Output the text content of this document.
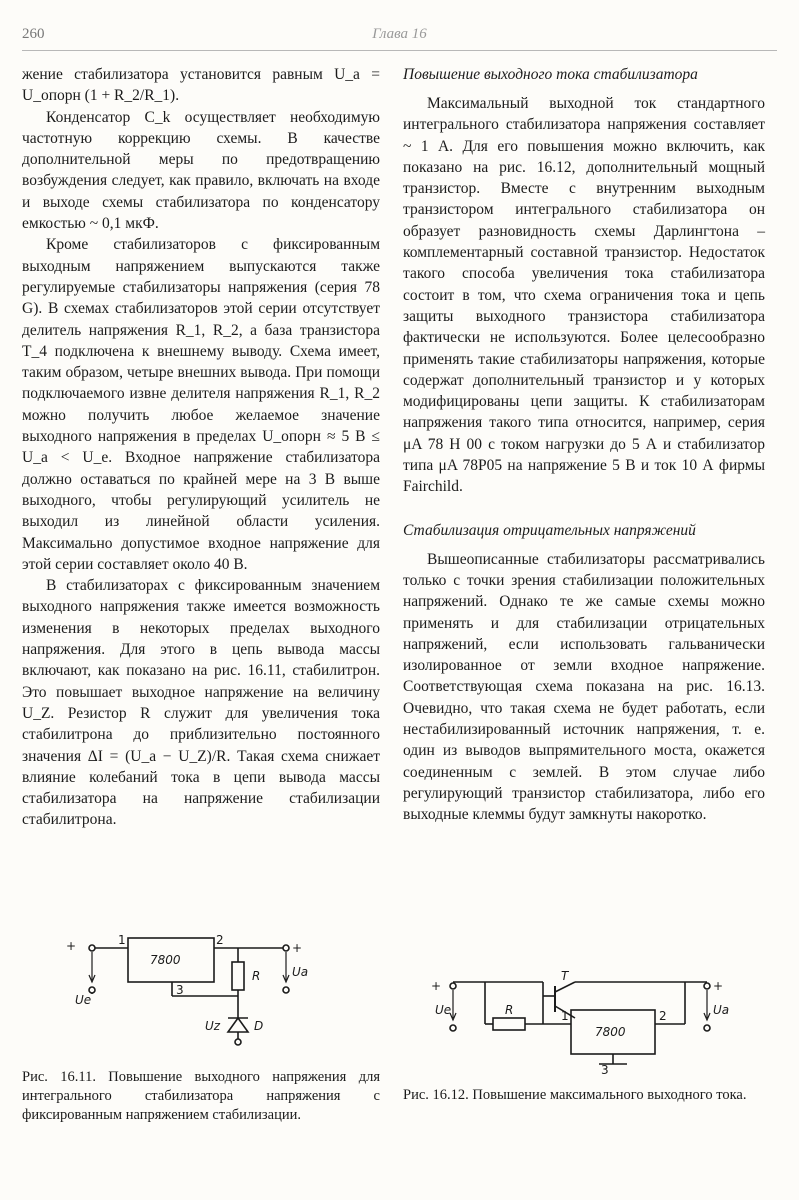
260	Глава 16

жение стабилизатора установится равным U_a = U_опорн (1 + R_2/R_1).

Конденсатор C_k осуществляет необходимую частотную коррекцию схемы. В качестве дополнительной меры по предотвращению возбуждения следует, как правило, включать на входе и выходе схемы стабилизатора по конденсатору емкостью ~ 0,1 мкФ.

Кроме стабилизаторов с фиксированным выходным напряжением выпускаются также регулируемые стабилизаторы напряжения (серия 78 G). В схемах стабилизаторов этой серии отсутствует делитель напряжения R_1, R_2, а база транзистора T_4 подключена к внешнему выводу. Схема имеет, таким образом, четыре внешних вывода. При помощи подключаемого извне делителя напряжения R_1, R_2 можно получить любое желаемое значение выходного напряжения в пределах U_опорн ≈ 5 В ≤ U_a < U_e. Входное напряжение стабилизатора должно оставаться по крайней мере на 3 В выше выходного, чтобы регулирующий усилитель не выходил из линейной области усиления. Максимально допустимое входное напряжение для этой серии составляет около 40 В.

В стабилизаторах с фиксированным значением выходного напряжения также имеется возможность изменения в некоторых пределах выходного напряжения. Для этого в цепь вывода массы включают, как показано на рис. 16.11, стабилитрон. Это повышает выходное напряжение на величину U_Z. Резистор R служит для увеличения тока стабилитрона до приблизительно постоянного значения ΔI = (U_a − U_Z)/R. Такая схема снижает влияние колебаний тока в цепи вывода массы стабилизатора на напряжение стабилизации стабилитрона.

Повышение выходного тока стабилизатора

Максимальный выходной ток стандартного интегрального стабилизатора напряжения составляет ~ 1 А. Для его повышения можно включить, как показано на рис. 16.12, дополнительный мощный транзистор. Вместе с внутренним выходным транзистором интегрального стабилизатора он образует разновидность схемы Дарлингтона – комплементарный составной транзистор. Недостаток такого способа увеличения тока стабилизатора состоит в том, что схема ограничения тока и цепь защиты выходного транзистора стабилизатора фактически не используются. Более целесообразно применять такие стабилизаторы напряжения, которые содержат дополнительный транзистор и у которых модифицированы цепи защиты. К стабилизаторам напряжения такого типа относится, например, серия μA 78 H 00 с током нагрузки до 5 А и стабилизатор типа μA 78P05 на напряжение 5 В и ток 10 А фирмы Fairchild.

Стабилизация отрицательных напряжений

Вышеописанные стабилизаторы рассматривались только с точки зрения стабилизации положительных напряжений. Однако те же самые схемы можно применять и для стабилизации отрицательных напряжений, если использовать гальванически изолированное от земли входное напряжение. Соответствующая схема показана на рис. 16.13. Очевидно, что такая схема не будет работать, если нестабилизированный источник напряжения, т. е. один из выводов выпрямительного моста, окажется соединенным с землей. В этом случае либо регулирующий транзистор стабилизатора, либо его выходные клеммы будут замкнуты накоротко.

Ue
Ua
+	+
1	2
3
7800
R
Uz	D
Рис. 16.11. Повышение выходного напряжения для интегрального стабилизатора напряжения с фиксированным напряжением стабилизации.
Ue	Ua
+	+
T
R	1	2
3
7800
Рис. 16.12. Повышение максимального выходного тока.
